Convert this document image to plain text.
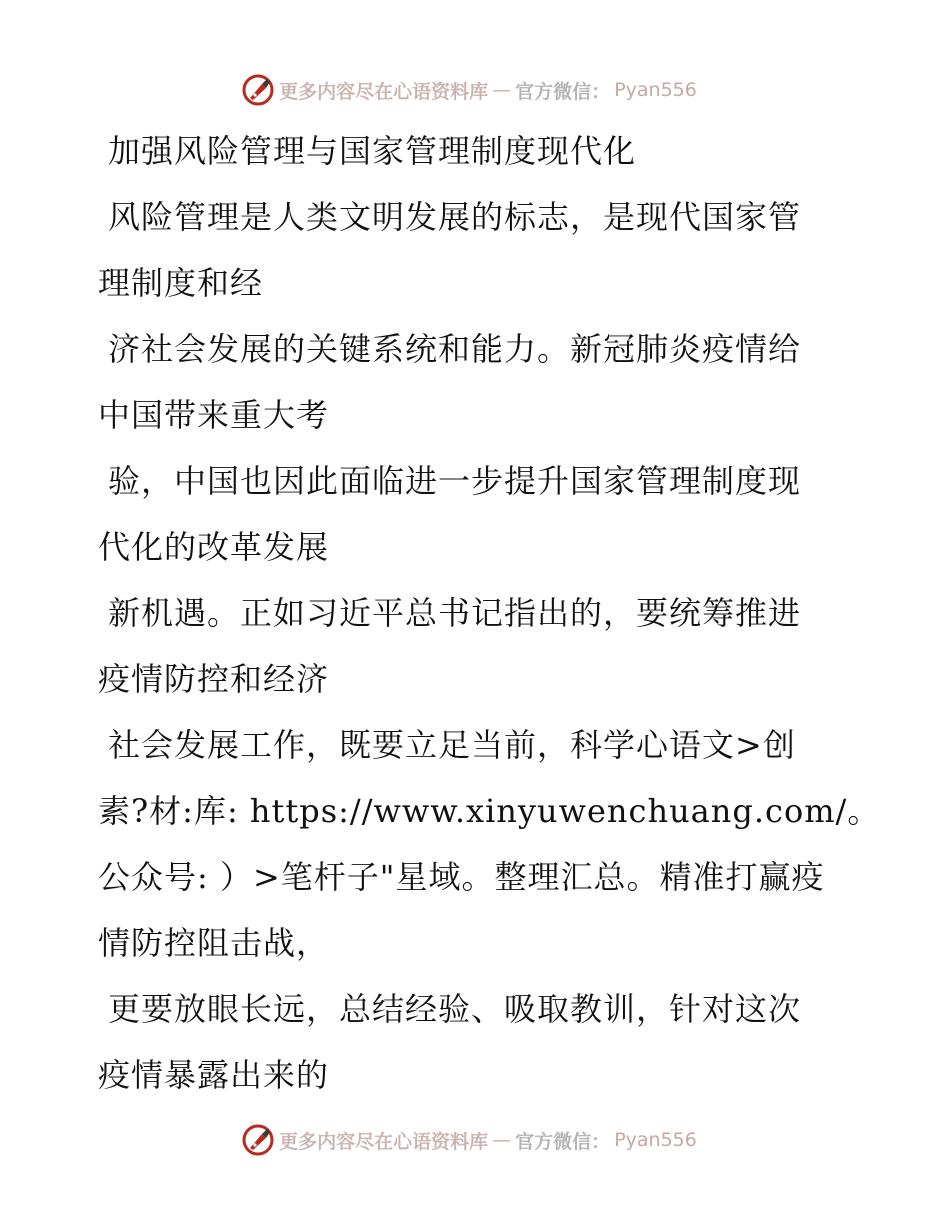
更多内容尽在心语资料库 — 官方微信： Pyan556
加强风险管理与国家管理制度现代化
风险管理是人类文明发展的标志，是现代国家管
理制度和经
济社会发展的关键系统和能力。新冠肺炎疫情给
中国带来重大考
验，中国也因此面临进一步提升国家管理制度现
代化的改革发展
新机遇。正如习近平总书记指出的，要统筹推进
疫情防控和经济
社会发展工作，既要立足当前，科学心语文>创
素?材:库: https://www.xinyuwenchuang.com/。
公众号: ）>笔杆子"星域。整理汇总。精准打赢疫
情防控阻击战，
更要放眼长远，总结经验、吸取教训，针对这次
疫情暴露出来的
更多内容尽在心语资料库 — 官方微信： Pyan556
